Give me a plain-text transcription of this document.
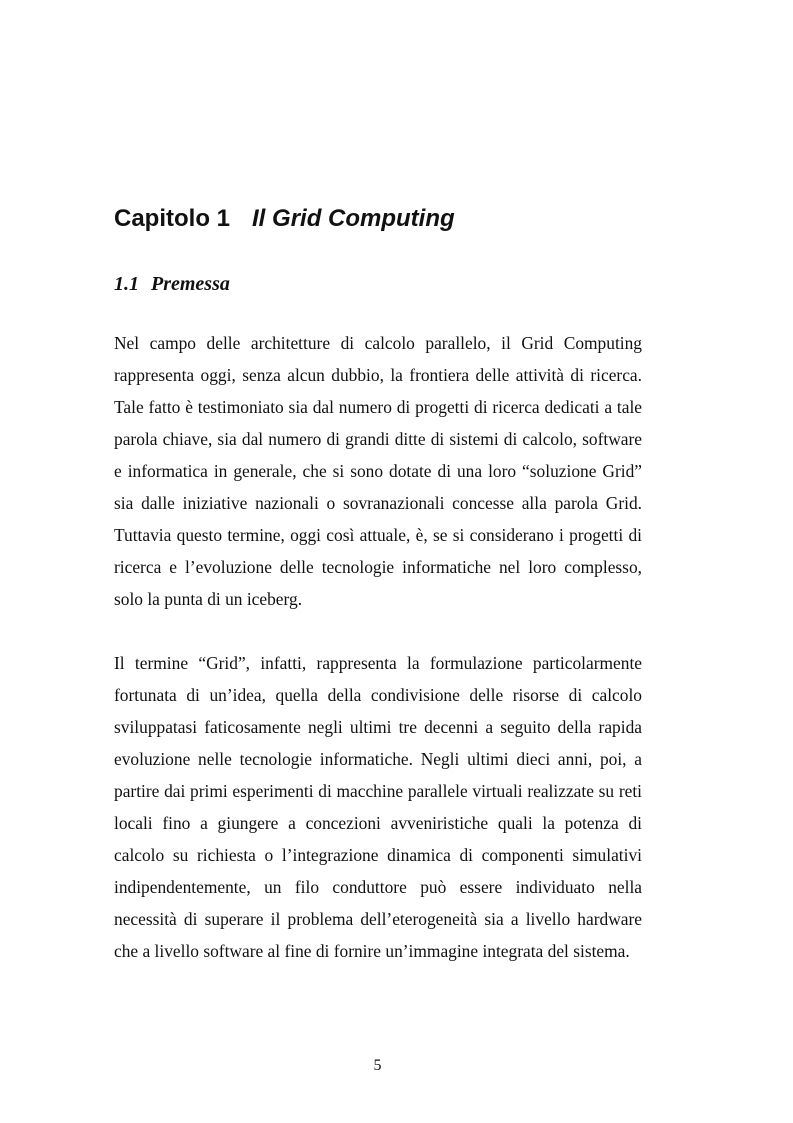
Capitolo 1 Il Grid Computing
1.1 Premessa

Nel campo delle architetture di calcolo parallelo, il Grid Computing rappresenta oggi, senza alcun dubbio, la frontiera delle attività di ricerca. Tale fatto è testimoniato sia dal numero di progetti di ricerca dedicati a tale parola chiave, sia dal numero di grandi ditte di sistemi di calcolo, software e informatica in generale, che si sono dotate di una loro “soluzione Grid” sia dalle iniziative nazionali o sovranazionali concesse alla parola Grid. Tuttavia questo termine, oggi così attuale, è, se si considerano i progetti di ricerca e l’evoluzione delle tecnologie informatiche nel loro complesso, solo la punta di un iceberg.

Il termine “Grid”, infatti, rappresenta la formulazione particolarmente fortunata di un’idea, quella della condivisione delle risorse di calcolo sviluppatasi faticosamente negli ultimi tre decenni a seguito della rapida evoluzione nelle tecnologie informatiche. Negli ultimi dieci anni, poi, a partire dai primi esperimenti di macchine parallele virtuali realizzate su reti locali fino a giungere a concezioni avveniristiche quali la potenza di calcolo su richiesta o l’integrazione dinamica di componenti simulativi indipendentemente, un filo conduttore può essere individuato nella necessità di superare il problema dell’eterogeneità sia a livello hardware che a livello software al fine di fornire un’immagine integrata del sistema.

5
